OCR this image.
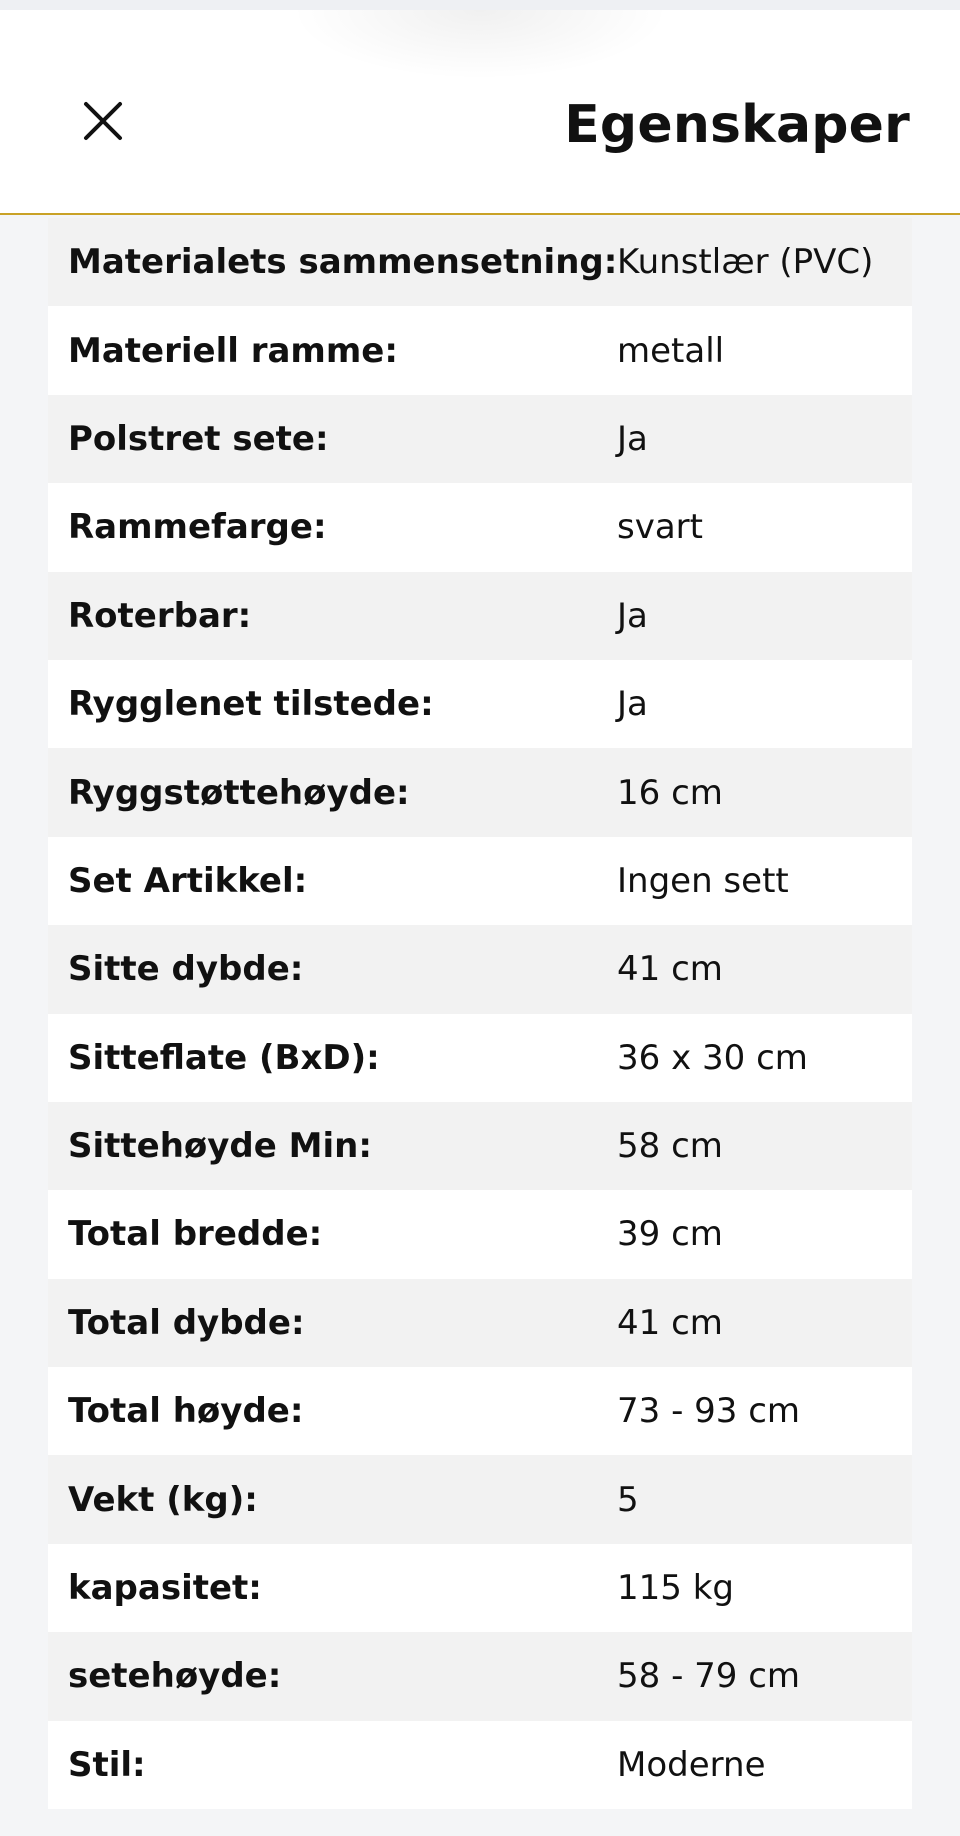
Egenskaper
Materialets sammensetning: Kunstlær (PVC)
Materiell ramme:	metall
Polstret sete:	Ja
Rammefarge:	svart
Roterbar:	Ja
Rygglenet tilstede:	Ja
Ryggstøttehøyde:	16 cm
Set Artikkel:	Ingen sett
Sitte dybde:	41 cm
Sitteflate (BxD):	36 x 30 cm
Sittehøyde Min:	58 cm
Total bredde:	39 cm
Total dybde:	41 cm
Total høyde:	73 - 93 cm
Vekt (kg):	5
kapasitet:	115 kg
setehøyde:	58 - 79 cm
Stil:	Moderne
